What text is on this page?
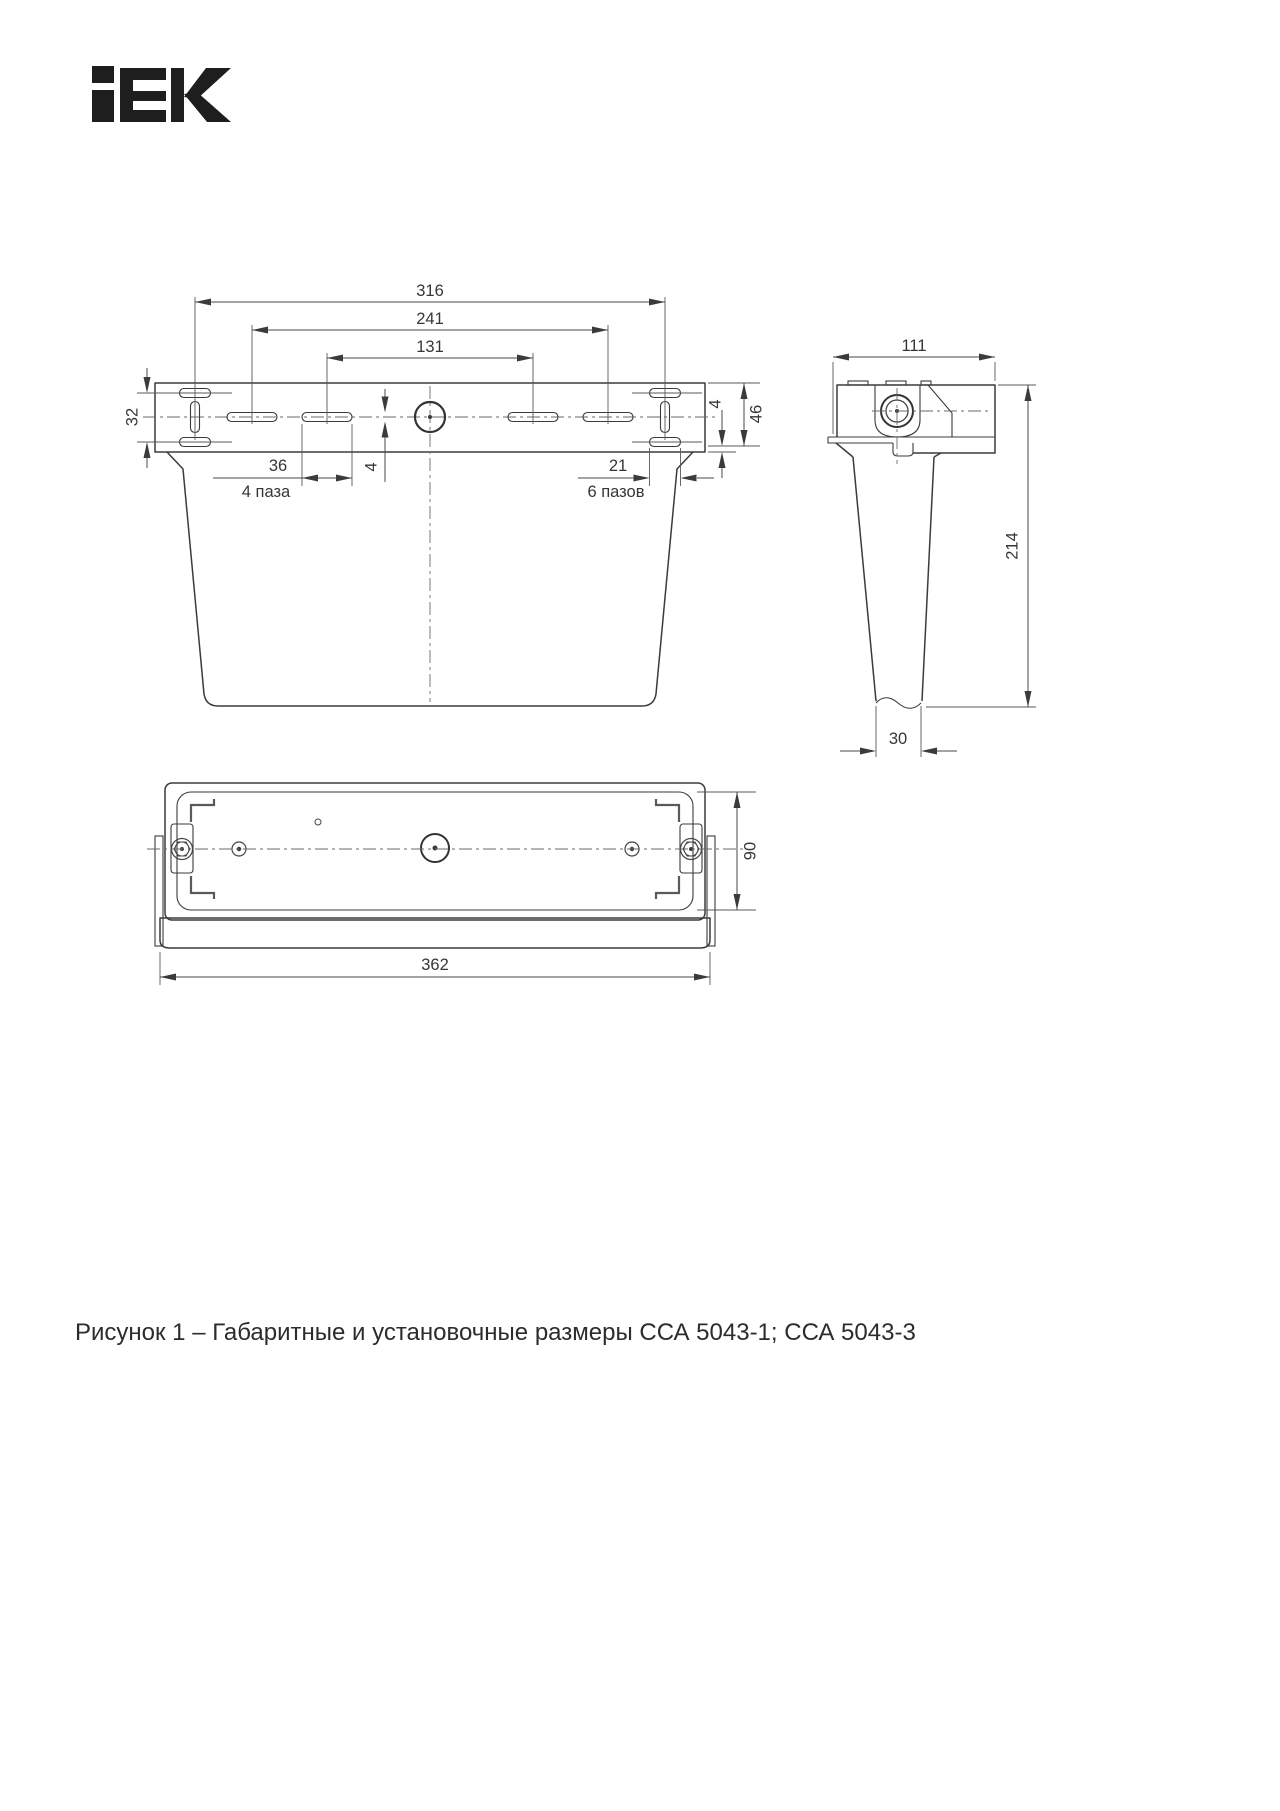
316
241
131
32
36
4 паза
21
6 пазов
4
4
46
111
214
30
90
362
Рисунок 1 – Габаритные и установочные размеры ССА 5043-1; ССА 5043-3
